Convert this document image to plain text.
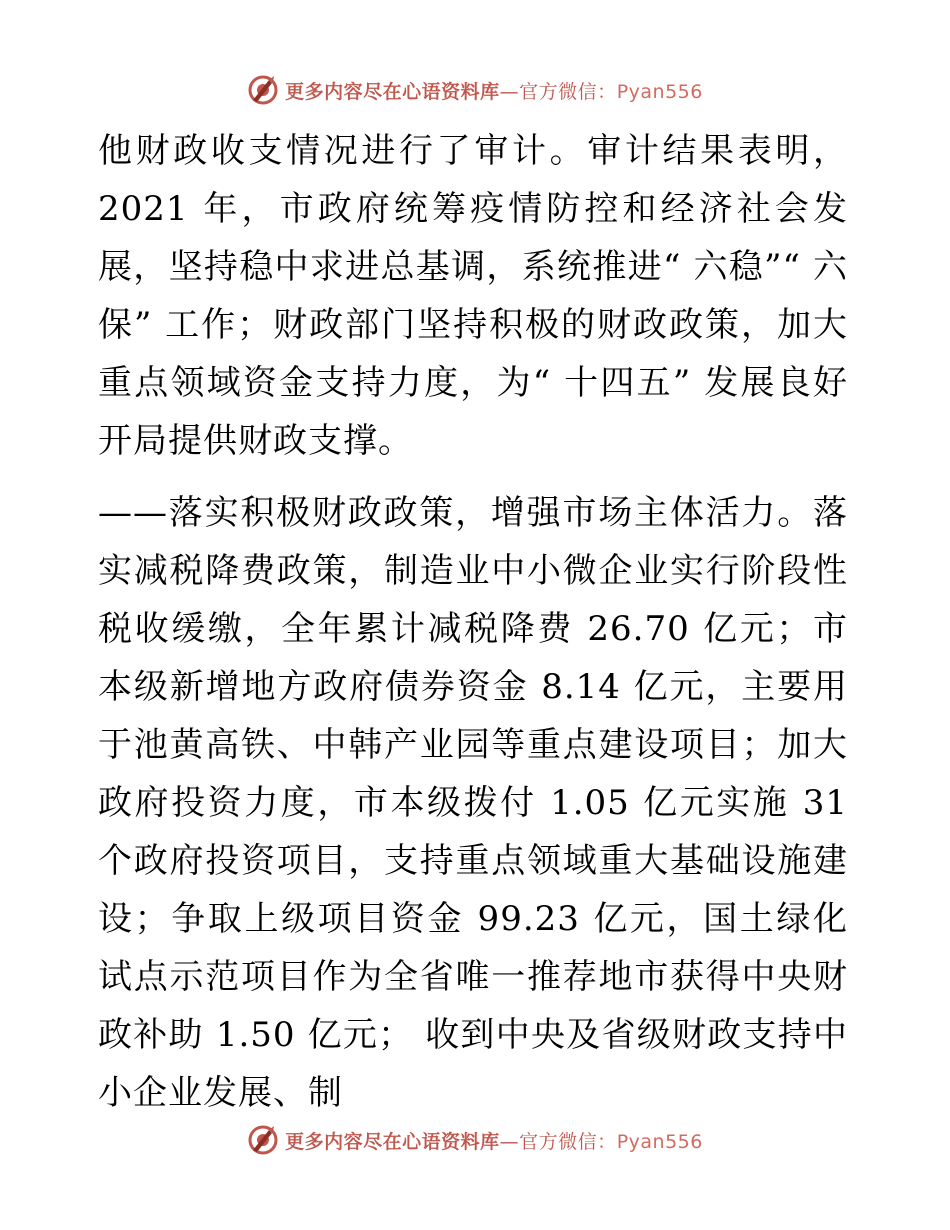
更多内容尽在心语资料库—官方微信：Pyan556

他财政收支情况进行了审计。审计结果表明，2021 年，市政府统筹疫情防控和经济社会发展，坚持稳中求进总基调，系统推进“ 六稳”“ 六保” 工作；财政部门坚持积极的财政政策，加大重点领域资金支持力度，为“ 十四五” 发展良好开局提供财政支撑。

——落实积极财政政策，增强市场主体活力。落实减税降费政策，制造业中小微企业实行阶段性税收缓缴，全年累计减税降费 26.70 亿元；市本级新增地方政府债券资金 8.14 亿元，主要用于池黄高铁、中韩产业园等重点建设项目；加大政府投资力度，市本级拨付 1.05 亿元实施 31 个政府投资项目，支持重点领域重大基础设施建设；争取上级项目资金 99.23 亿元，国土绿化试点示范项目作为全省唯一推荐地市获得中央财政补助 1.50 亿元； 收到中央及省级财政支持中小企业发展、制

更多内容尽在心语资料库—官方微信：Pyan556
